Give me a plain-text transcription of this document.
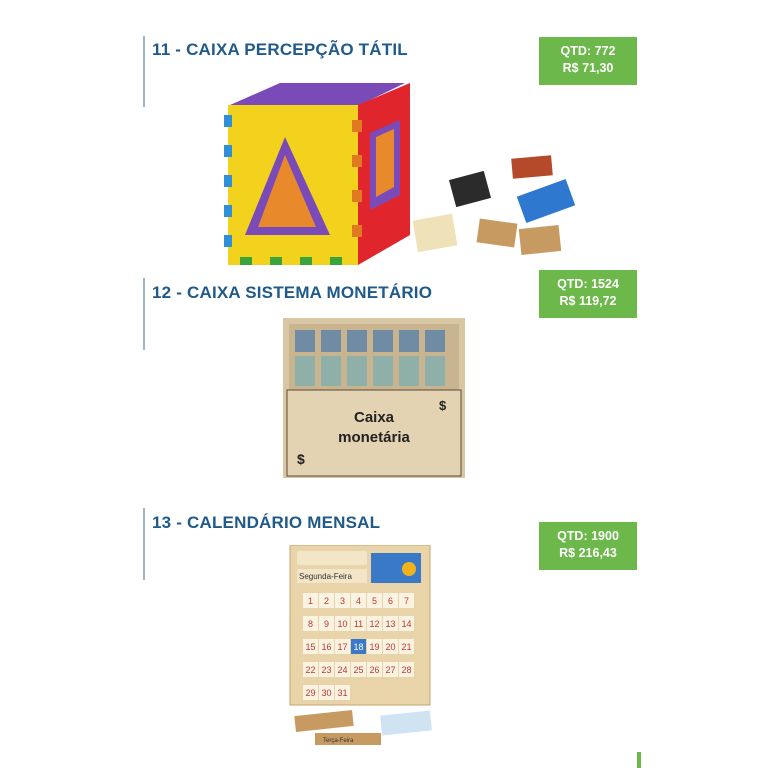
11 - CAIXA PERCEPÇÃO TÁTIL	QTD: 772
R$ 71,30
12 - CAIXA SISTEMA MONETÁRIO	QTD: 1524
R$ 119,72
$
Caixa
monetária
$
13 - CALENDÁRIO MENSAL
QTD: 1900
R$ 216,43
Segunda-Feira
1 2 3 4 5 6 7
8 9 10 11 12 13 14
15 16 17 18 19 20 21
22 23 24 25 26 27 28
29 30 31
Terça-Feira
